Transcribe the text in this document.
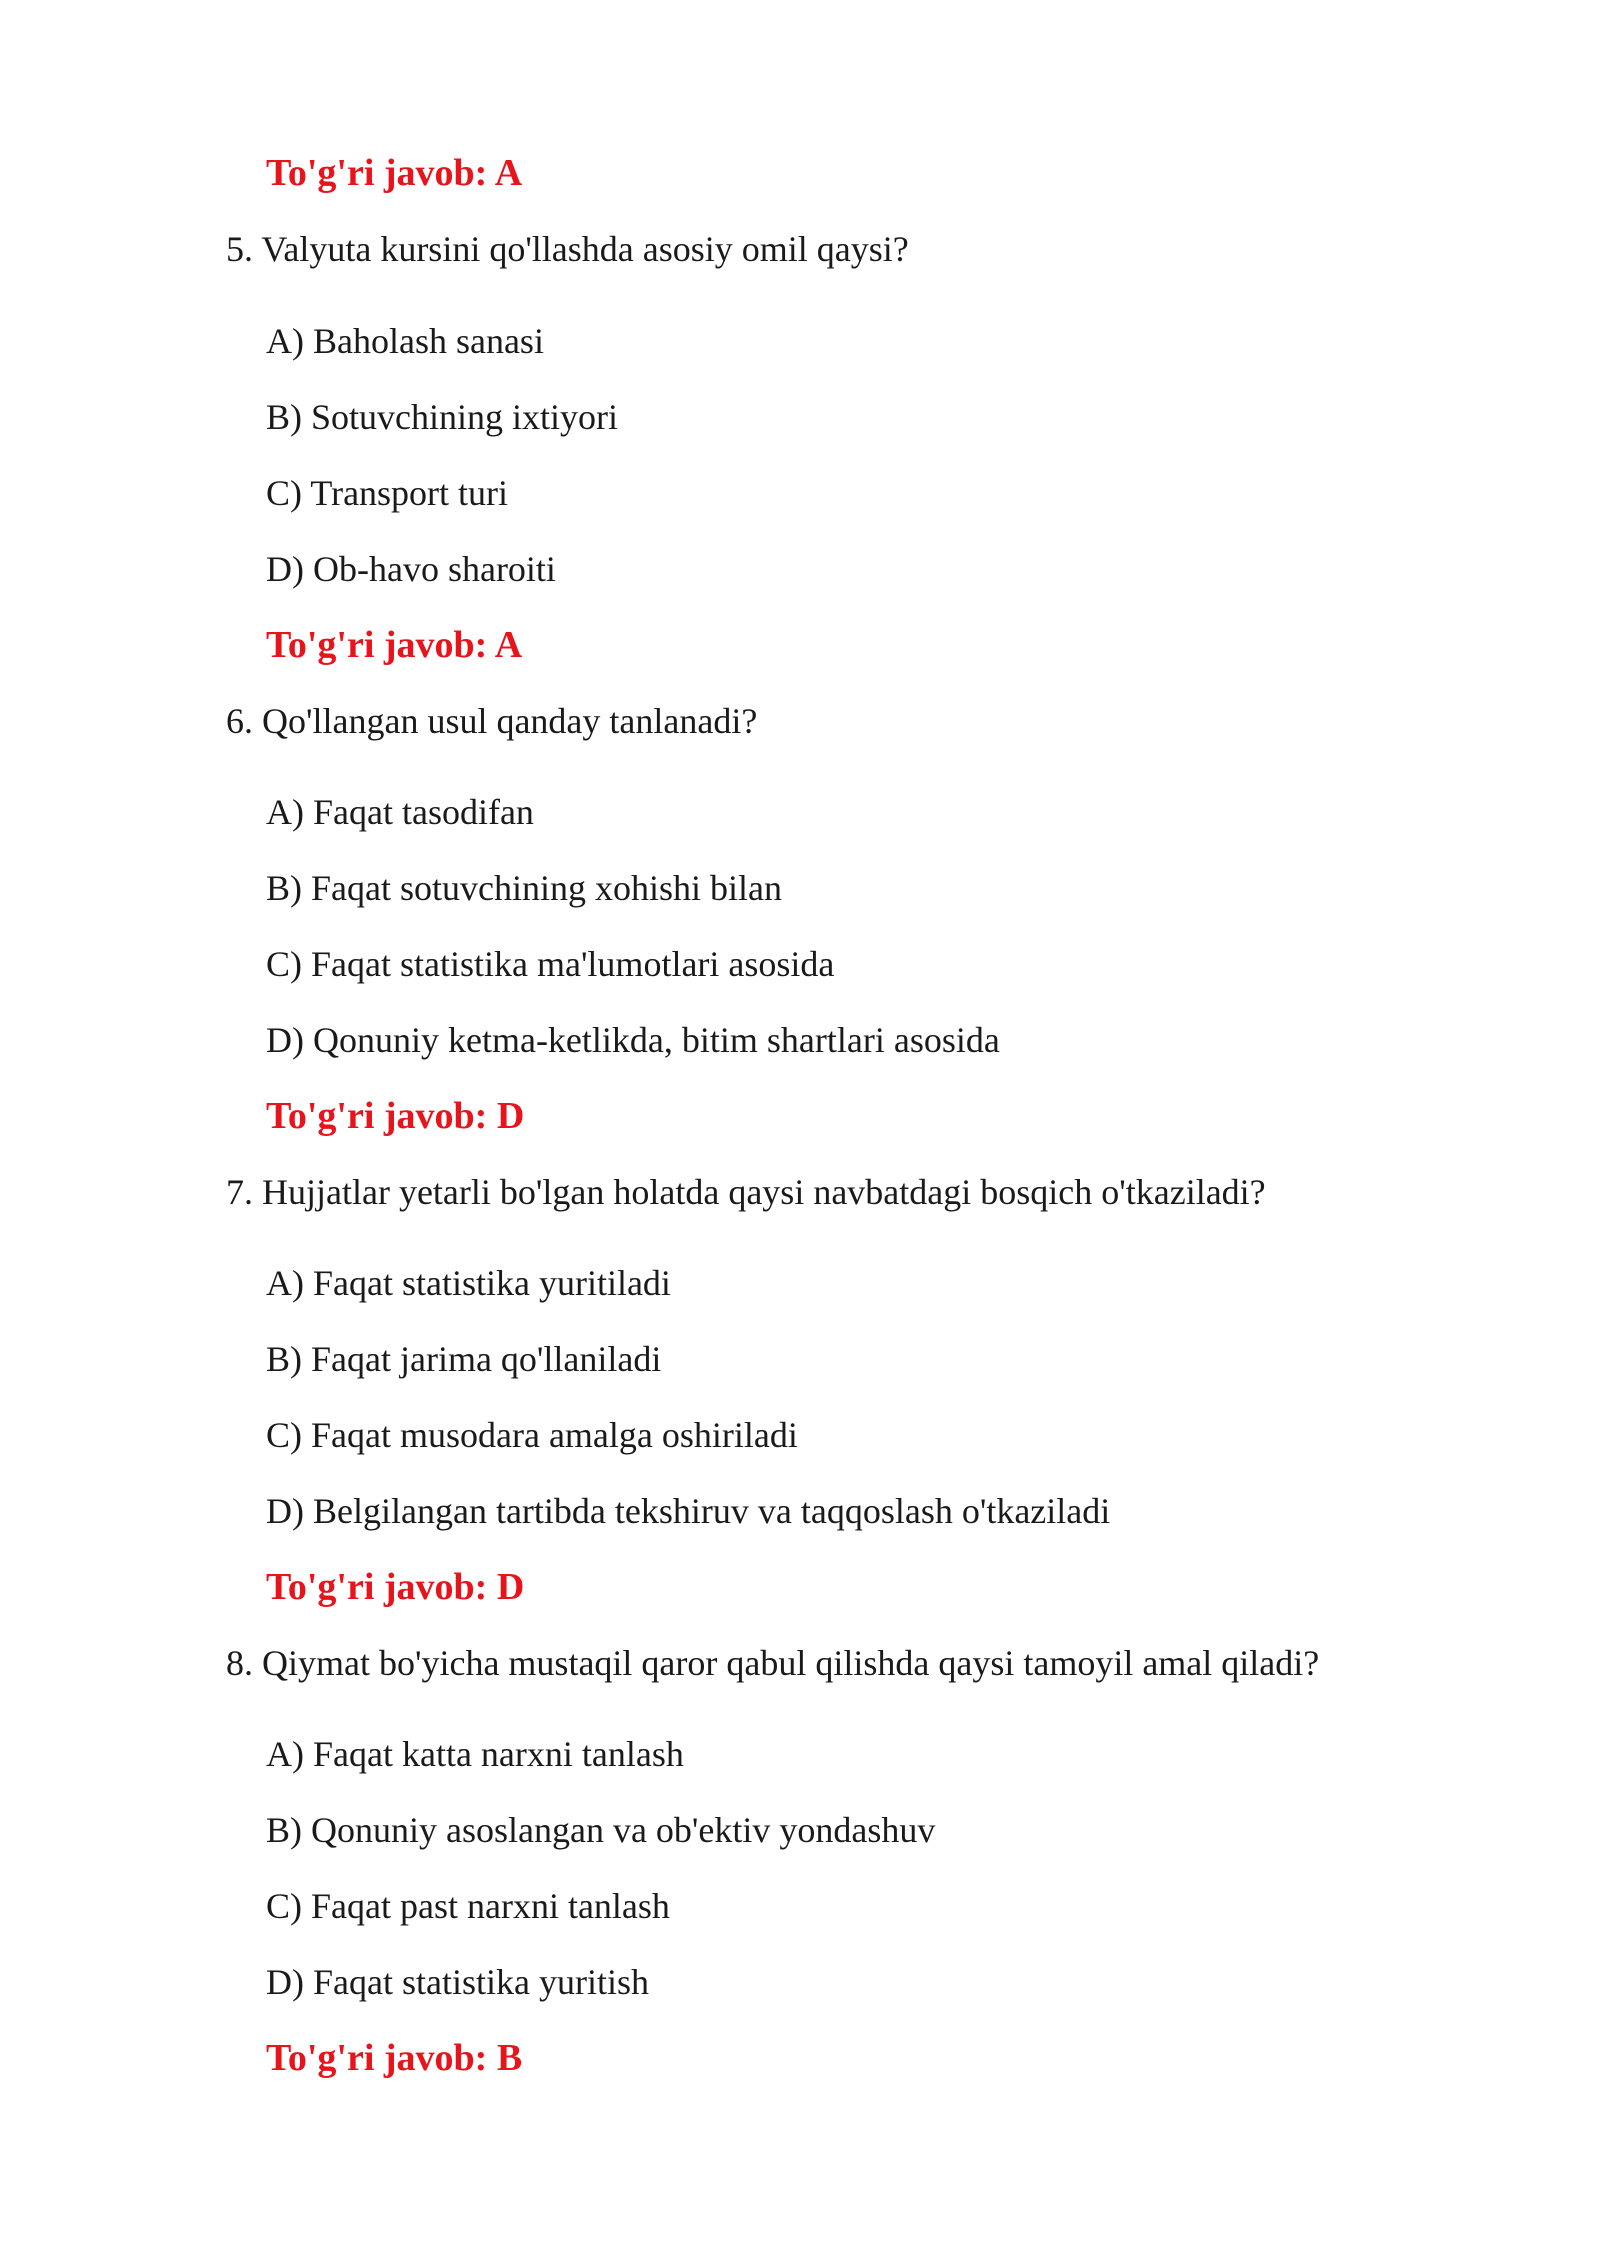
To'g'ri javob: A
5. Valyuta kursini qo'llashda asosiy omil qaysi?
A) Baholash sanasi
B) Sotuvchining ixtiyori
C) Transport turi
D) Ob-havo sharoiti
To'g'ri javob: A
6. Qo'llangan usul qanday tanlanadi?
A) Faqat tasodifan
B) Faqat sotuvchining xohishi bilan
C) Faqat statistika ma'lumotlari asosida
D) Qonuniy ketma-ketlikda, bitim shartlari asosida
To'g'ri javob: D
7. Hujjatlar yetarli bo'lgan holatda qaysi navbatdagi bosqich o'tkaziladi?
A) Faqat statistika yuritiladi
B) Faqat jarima qo'llaniladi
C) Faqat musodara amalga oshiriladi
D) Belgilangan tartibda tekshiruv va taqqoslash o'tkaziladi
To'g'ri javob: D
8. Qiymat bo'yicha mustaqil qaror qabul qilishda qaysi tamoyil amal qiladi?
A) Faqat katta narxni tanlash
B) Qonuniy asoslangan va ob'ektiv yondashuv
C) Faqat past narxni tanlash
D) Faqat statistika yuritish
To'g'ri javob: B
